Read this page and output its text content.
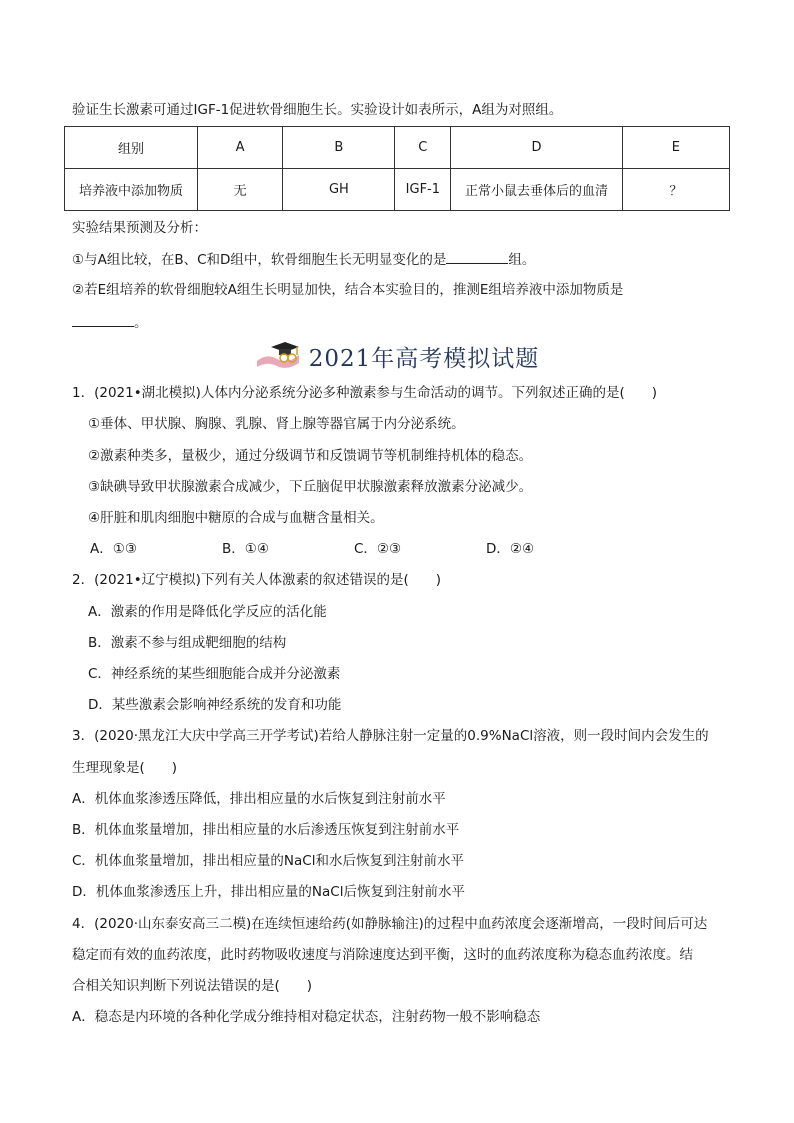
验证生长激素可通过IGF-1促进软骨细胞生长。实验设计如表所示，A组为对照组。
组别	A	B	C	D	E
培养液中添加物质	无	GH	IGF-1	正常小鼠去垂体后的血清	？
实验结果预测及分析：
①与A组比较，在B、C和D组中，软骨细胞生长无明显变化的是	组。
②若E组培养的软骨细胞较A组生长明显加快，结合本实验目的，推测E组培养液中添加物质是
。
2021年高考模拟试题
1．(2021•湖北模拟)人体内分泌系统分泌多种激素参与生命活动的调节。下列叙述正确的是(　　)
①垂体、甲状腺、胸腺、乳腺、肾上腺等器官属于内分泌系统。
②激素种类多，量极少，通过分级调节和反馈调节等机制维持机体的稳态。
③缺碘导致甲状腺激素合成减少，下丘脑促甲状腺激素释放激素分泌减少。
④肝脏和肌肉细胞中糖原的合成与血糖含量相关。
A．①③	B．①④	C．②③	D．②④
2．(2021•辽宁模拟)下列有关人体激素的叙述错误的是(　　)
A．激素的作用是降低化学反应的活化能
B．激素不参与组成靶细胞的结构
C．神经系统的某些细胞能合成并分泌激素
D．某些激素会影响神经系统的发育和功能
3．(2020·黑龙江大庆中学高三开学考试)若给人静脉注射一定量的0.9%NaCl溶液，则一段时间内会发生的
生理现象是(　　)
A．机体血浆渗透压降低，排出相应量的水后恢复到注射前水平
B．机体血浆量增加，排出相应量的水后渗透压恢复到注射前水平
C．机体血浆量增加，排出相应量的NaCl和水后恢复到注射前水平
D．机体血浆渗透压上升，排出相应量的NaCl后恢复到注射前水平
4．(2020·山东泰安高三二模)在连续恒速给药(如静脉输注)的过程中血药浓度会逐渐增高，一段时间后可达
稳定而有效的血药浓度，此时药物吸收速度与消除速度达到平衡，这时的血药浓度称为稳态血药浓度。结
合相关知识判断下列说法错误的是(　　)
A．稳态是内环境的各种化学成分维持相对稳定状态，注射药物一般不影响稳态
